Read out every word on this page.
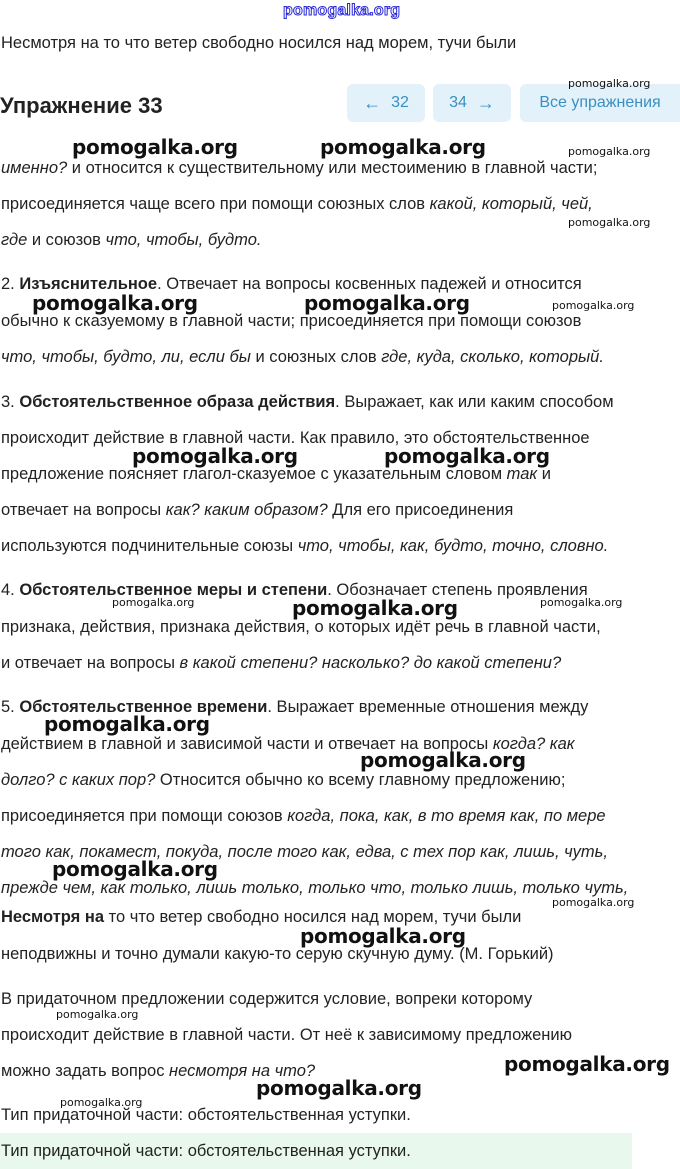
pomogalka.org
Несмотря на то что ветер свободно носился над морем, тучи были
Упражнение 33	← 32	34 →	Все упражнения
именно? и относится к существительному или местоимению в главной части;
присоединяется чаще всего при помощи союзных слов какой, который, чей,
где и союзов что, чтобы, будто.
2. Изъяснительное. Отвечает на вопросы косвенных падежей и относится
обычно к сказуемому в главной части; присоединяется при помощи союзов
что, чтобы, будто, ли, если бы и союзных слов где, куда, сколько, который.
3. Обстоятельственное образа действия. Выражает, как или каким способом
происходит действие в главной части. Как правило, это обстоятельственное
предложение поясняет глагол-сказуемое с указательным словом так и
отвечает на вопросы как? каким образом? Для его присоединения
используются подчинительные союзы что, чтобы, как, будто, точно, словно.
4. Обстоятельственное меры и степени. Обозначает степень проявления
признака, действия, признака действия, о которых идёт речь в главной части,
и отвечает на вопросы в какой степени? насколько? до какой степени?
5. Обстоятельственное времени. Выражает временные отношения между
действием в главной и зависимой части и отвечает на вопросы когда? как
долго? с каких пор? Относится обычно ко всему главному предложению;
присоединяется при помощи союзов когда, пока, как, в то время как, по мере
того как, покамест, покуда, после того как, едва, с тех пор как, лишь, чуть,
прежде чем, как только, лишь только, только что, только лишь, только чуть,
Несмотря на то что ветер свободно носился над морем, тучи были
неподвижны и точно думали какую-то серую скучную думу. (М. Горький)
В придаточном предложении содержится условие, вопреки которому
происходит действие в главной части. От неё к зависимому предложению
можно задать вопрос несмотря на что?
Тип придаточной части: обстоятельственная уступки.
Тип придаточной части: обстоятельственная уступки.
pomogalka.org	pomogalka.org
pomogalka.org
pomogalka.org
pomogalka.org
pomogalka.org	pomogalka.org	pomogalka.org
pomogalka.org	pomogalka.org
pomogalka.org	pomogalka.org	pomogalka.org
pomogalka.org
pomogalka.org
pomogalka.org
pomogalka.org
pomogalka.org
pomogalka.org
pomogalka.org
pomogalka.org
pomogalka.org
